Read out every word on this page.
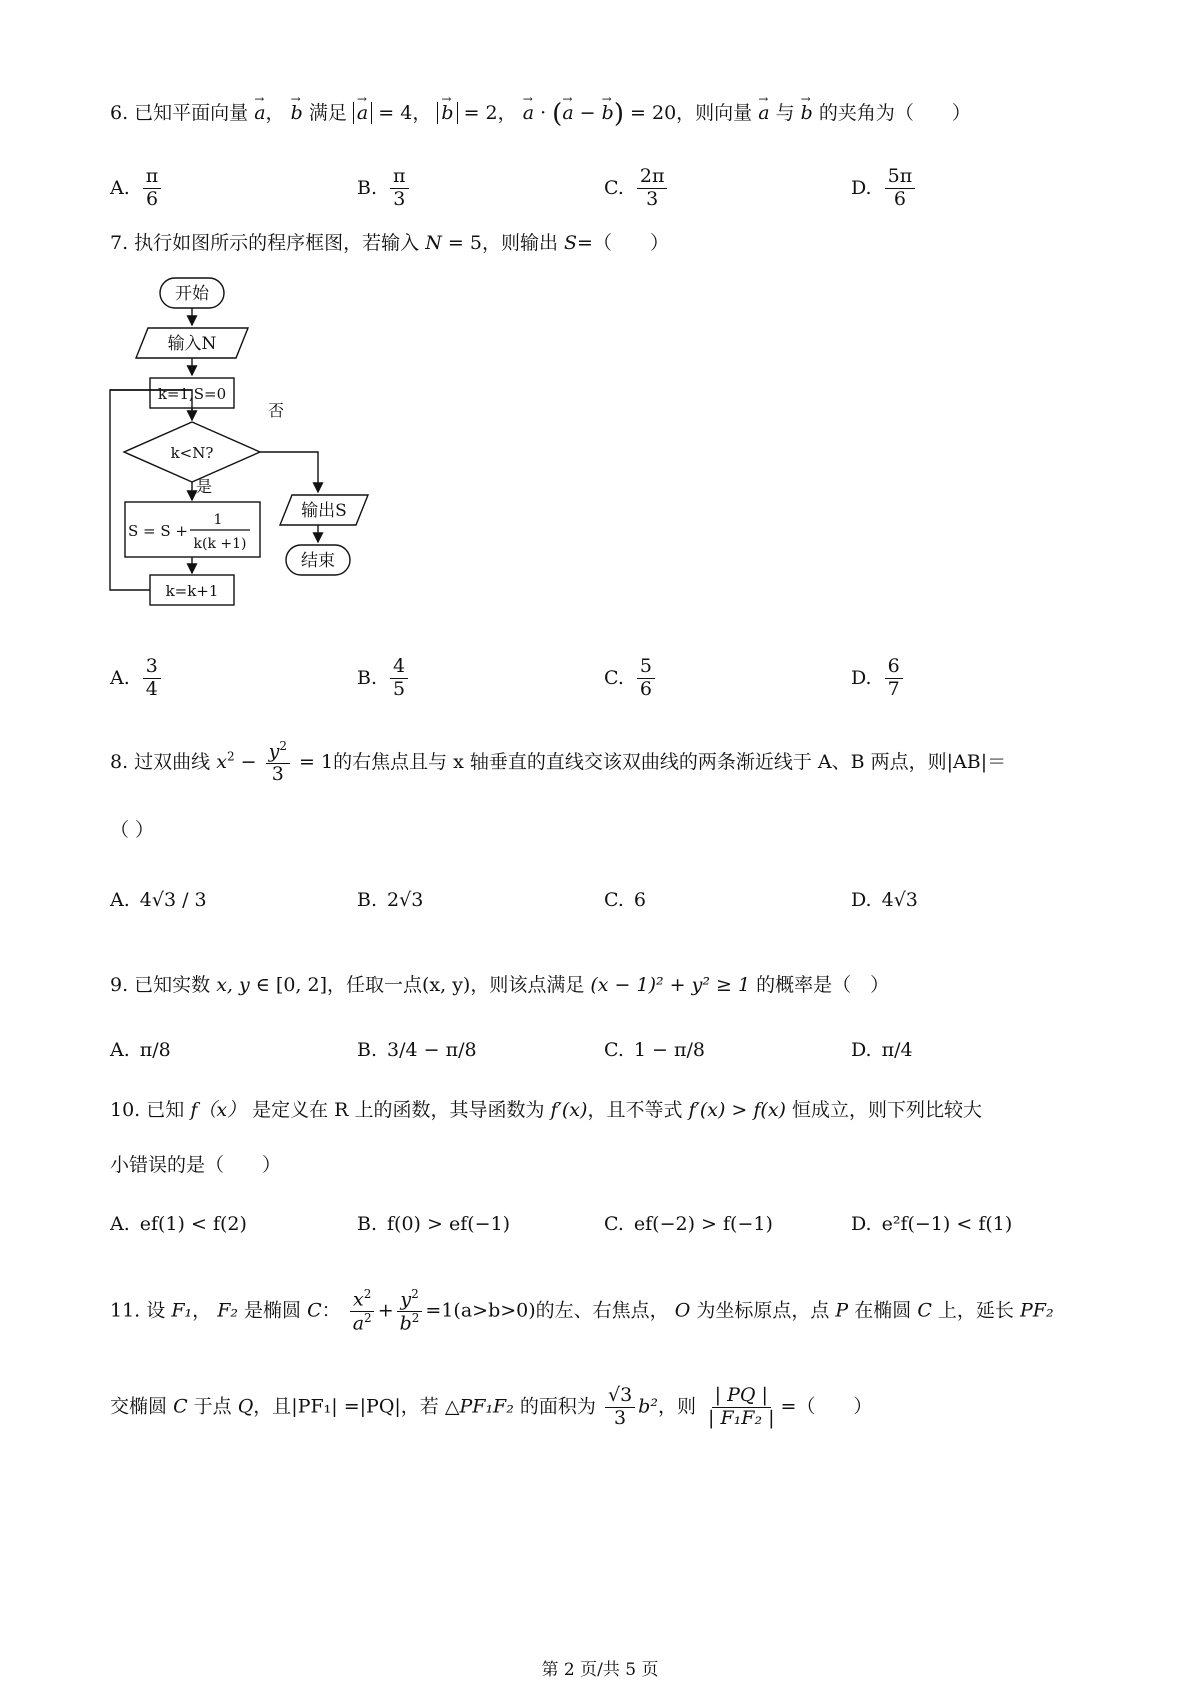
6. 已知平面向量 → a， → b 满足 → a = 4， → b = 2， → a · (→ a − → b) = 20，则向量 → a 与 → b 的夹角为（　　）
A. $\frac{\pi}{6}$	B. $\frac{\pi}{3}$	C. $\frac{2\pi}{3}$	D. $\frac{5\pi}{6}$
7. 执行如图所示的程序框图，若输入 N = 5，则输出 S=（　　）
开始
输入N
k=1,S=0
k<N?
否
是
S = S +
1
k(k +1)
k=k+1
输出S
结束
A. $\frac{3}{4}$	B. $\frac{4}{5}$	C. $\frac{5}{6}$	D. $\frac{6}{7}$
8. 过双曲线 $x^2 - \frac{y^2}{3} = 1$的右焦点且与 x 轴垂直的直线交该双曲线的两条渐近线于 A、B 两点，则|AB|＝
（ ）
A. 4√3 / 3	B. 2√3	C. 6	D. 4√3
9. 已知实数 x, y ∈ [0, 2]，任取一点(x, y)，则该点满足 (x − 1)² + y² ≥ 1 的概率是（　）
A. π/8	B. 3/4 − π/8	C. 1 − π/8	D. π/4
10. 已知 f（x） 是定义在 R 上的函数，其导函数为 f′(x)，且不等式 f′(x) > f(x) 恒成立，则下列比较大
小错误的是（　　）
A. ef(1) < f(2)	B. f(0) > ef(−1)	C. ef(−2) > f(−1)	D. e²f(−1) < f(1)
11. 设 F₁， F₂ 是椭圆 C： $\frac{x^2}{a^2} + \frac{y^2}{b^2} =1(a>b>0)$的左、右焦点， O 为坐标原点，点 P 在椭圆 C 上，延长 PF₂
交椭圆 C 于点 Q，且|PF₁| =|PQ|，若 △PF₁F₂ 的面积为 $\frac{√3}{3} b^2$，则 $\frac{| PQ |}{\text{| F₁F₂ |}}$ =（　　）
第 2 页/共 5 页
